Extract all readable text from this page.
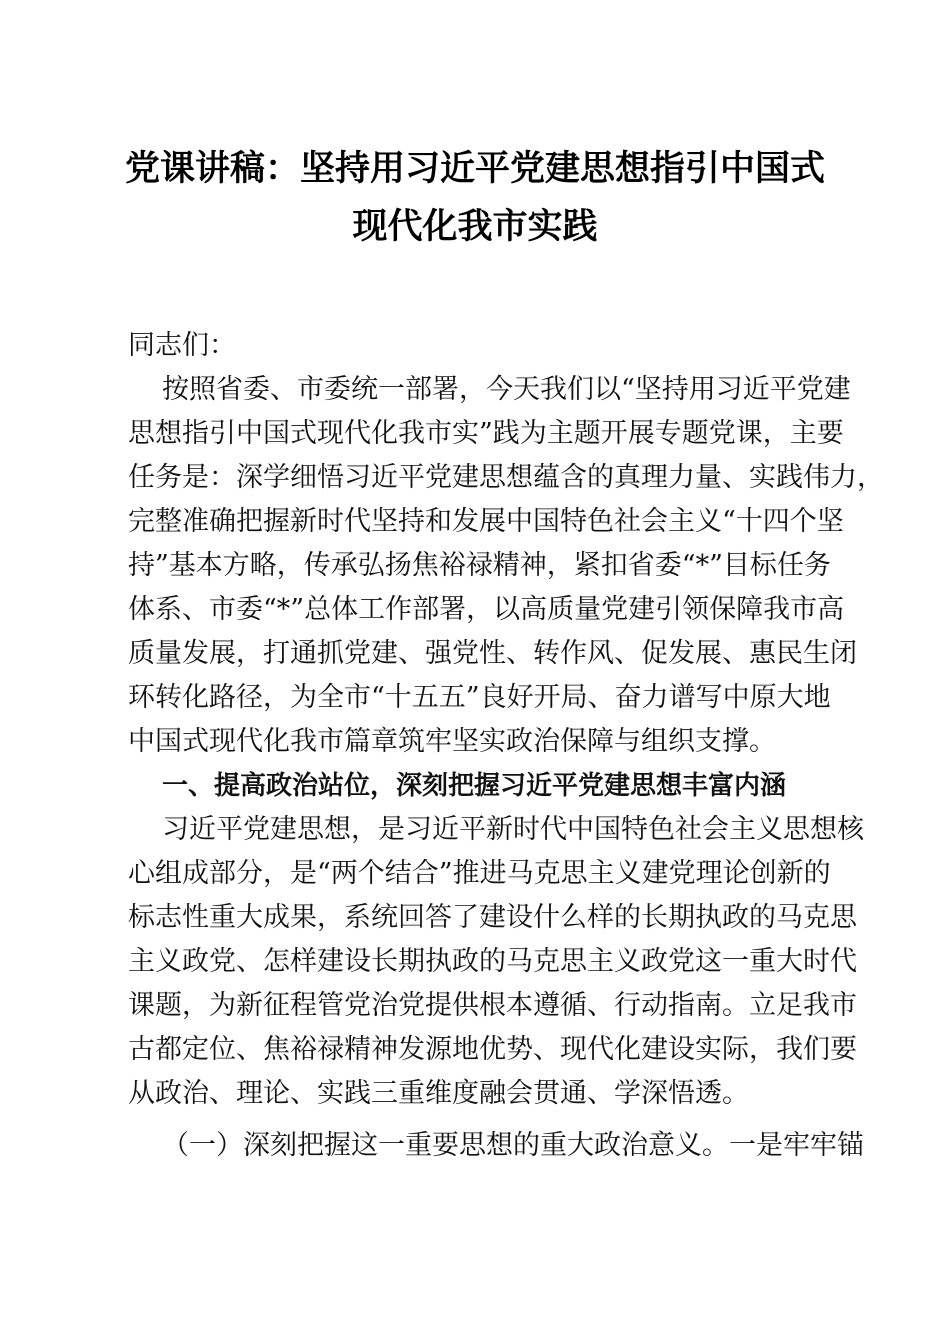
党课讲稿：坚持用习近平党建思想指引中国式
现代化我市实践
同志们：
按照省委、市委统一部署，今天我们以“坚持用习近平党建
思想指引中国式现代化我市实”践为主题开展专题党课，主要
任务是：深学细悟习近平党建思想蕴含的真理力量、实践伟力，
完整准确把握新时代坚持和发展中国特色社会主义“十四个坚
持”基本方略，传承弘扬焦裕禄精神，紧扣省委“*”目标任务
体系、市委“*”总体工作部署，以高质量党建引领保障我市高
质量发展，打通抓党建、强党性、转作风、促发展、惠民生闭
环转化路径，为全市“十五五”良好开局、奋力谱写中原大地
中国式现代化我市篇章筑牢坚实政治保障与组织支撑。
一、提高政治站位，深刻把握习近平党建思想丰富内涵
习近平党建思想，是习近平新时代中国特色社会主义思想核
心组成部分，是“两个结合”推进马克思主义建党理论创新的
标志性重大成果，系统回答了建设什么样的长期执政的马克思
主义政党、怎样建设长期执政的马克思主义政党这一重大时代
课题，为新征程管党治党提供根本遵循、行动指南。立足我市
古都定位、焦裕禄精神发源地优势、现代化建设实际，我们要
从政治、理论、实践三重维度融会贯通、学深悟透。
（一）深刻把握这一重要思想的重大政治意义。一是牢牢锚
